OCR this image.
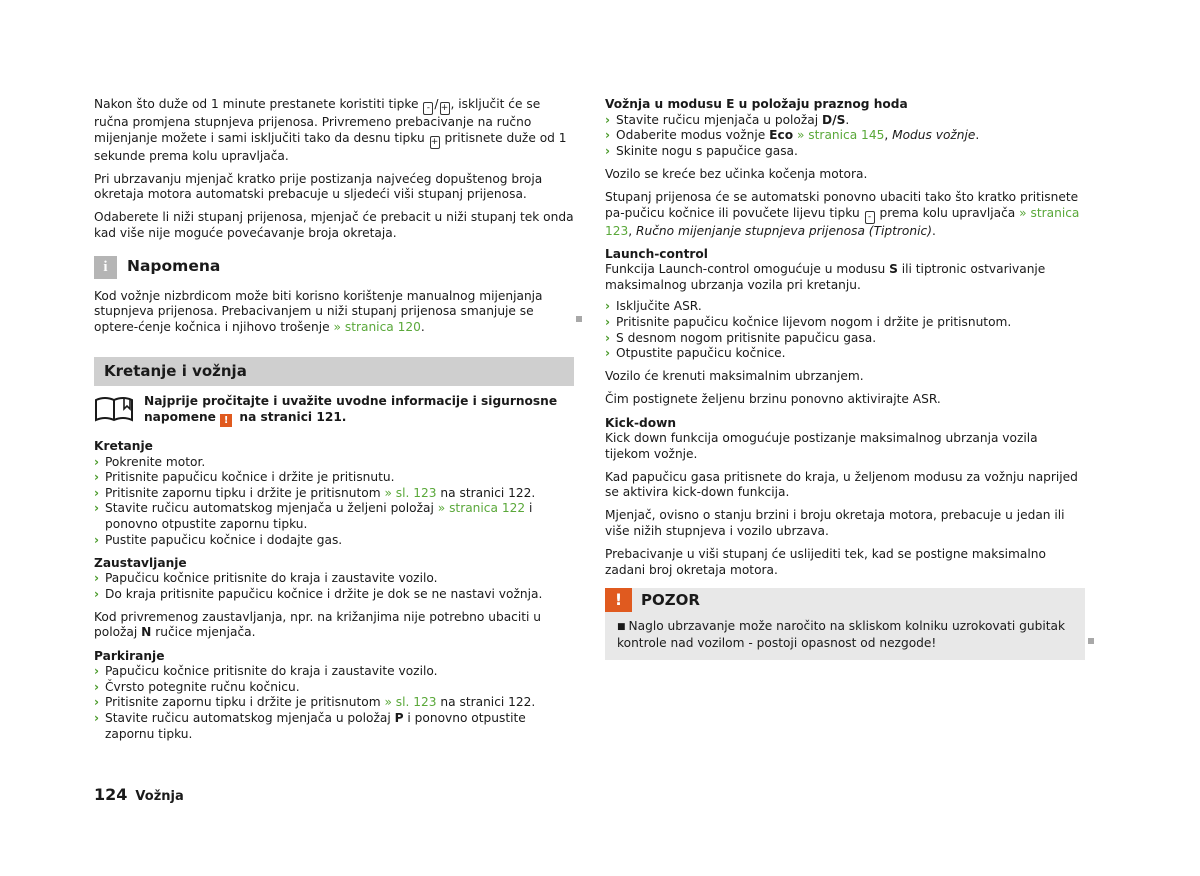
Nakon što duže od 1 minute prestanete koristiti tipke - / + , isključit će se ručna promjena stupnjeva prijenosa. Privremeno prebacivanje na ručno mijenjanje možete i sami isključiti tako da desnu tipku + pritisnete duže od 1 sekunde prema kolu upravljača.

Pri ubrzavanju mjenjač kratko prije postizanja najvećeg dopuštenog broja okretaja motora automatski prebacuje u sljedeći viši stupanj prijenosa.

Odaberete li niži stupanj prijenosa, mjenjač će prebacit u niži stupanj tek onda kad više nije moguće povećavanje broja okretaja.

i	Napomena

Kod vožnje nizbrdicom može biti korisno korištenje manualnog mijenjanja stupnjeva prijenosa. Prebacivanjem u niži stupanj prijenosa smanjuje se optere-ćenje kočnica i njihovo trošenje » stranica 120.

Kretanje i vožnja
Najprije pročitajte i uvažite uvodne informacije i sigurnosne napomene ! na stranici 121.
Kretanje
› Pokrenite motor.
› Pritisnite papučicu kočnice i držite je pritisnutu.
› Pritisnite zapornu tipku i držite je pritisnutom » sl. 123 na stranici 122.
› Stavite ručicu automatskog mjenjača u željeni položaj » stranica 122 i ponovno otpustite zapornu tipku.
› Pustite papučicu kočnice i dodajte gas.
Zaustavljanje
› Papučicu kočnice pritisnite do kraja i zaustavite vozilo.
› Do kraja pritisnite papučicu kočnice i držite je dok se ne nastavi vožnja.

Kod privremenog zaustavljanja, npr. na križanjima nije potrebno ubaciti u položaj N ručice mjenjača.

Parkiranje
› Papučicu kočnice pritisnite do kraja i zaustavite vozilo.
› Čvrsto potegnite ručnu kočnicu.
› Pritisnite zapornu tipku i držite je pritisnutom » sl. 123 na stranici 122.
› Stavite ručicu automatskog mjenjača u položaj P i ponovno otpustite zapornu tipku.
Vožnja u modusu E u položaju praznog hoda
› Stavite ručicu mjenjača u položaj D/S.
› Odaberite modus vožnje Eco » stranica 145, Modus vožnje.
› Skinite nogu s papučice gasa.

Vozilo se kreće bez učinka kočenja motora.

Stupanj prijenosa će se automatski ponovno ubaciti tako što kratko pritisnete pa-pučicu kočnice ili povučete lijevu tipku - prema kolu upravljača » stranica 123, Ručno mijenjanje stupnjeva prijenosa (Tiptronic).

Launch-control

Funkcija Launch-control omogućuje u modusu S ili tiptronic ostvarivanje maksimalnog ubrzanja vozila pri kretanju.

› Isključite ASR.
› Pritisnite papučicu kočnice lijevom nogom i držite je pritisnutom.
› S desnom nogom pritisnite papučicu gasa.
› Otpustite papučicu kočnice.

Vozilo će krenuti maksimalnim ubrzanjem.

Čim postignete željenu brzinu ponovno aktivirajte ASR.

Kick-down
Kick down funkcija omogućuje postizanje maksimalnog ubrzanja vozila tijekom vožnje.

Kad papučicu gasa pritisnete do kraja, u željenom modusu za vožnju naprijed se aktivira kick-down funkcija.

Mjenjač, ovisno o stanju brzini i broju okretaja motora, prebacuje u jedan ili više nižih stupnjeva i vozilo ubrzava.

Prebacivanje u viši stupanj će uslijediti tek, kad se postigne maksimalno zadani broj okretaja motora.

!	POZOR
■ Naglo ubrzavanje može naročito na skliskom kolniku uzrokovati gubitak kontrole nad vozilom - postoji opasnost od nezgode!
124 Vožnja
